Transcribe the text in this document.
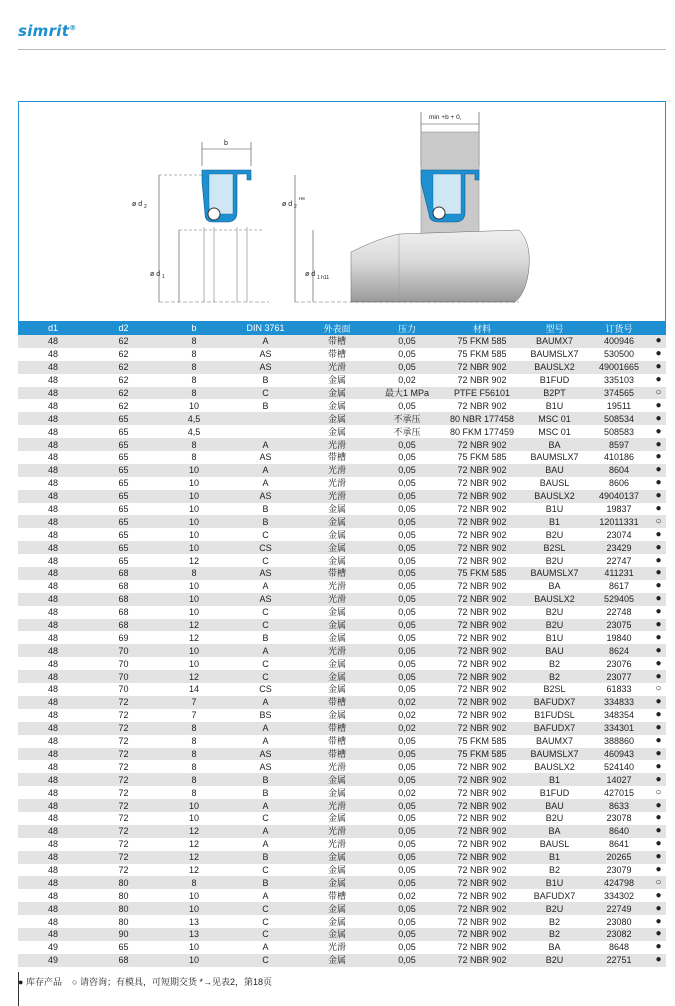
simrit®
b
ø d 2
ø d 1
min +b + 0,
ø d 2
H8
ø d 1 h11
d1	d2	b	DIN 3761	外表面	压力	材料	型号	订货号	
48	62	8	A	带槽	0,05	75 FKM 585	BAUMX7	400946	●
48	62	8	AS	带槽	0,05	75 FKM 585	BAUMSLX7	530500	●
48	62	8	AS	光滑	0,05	72 NBR 902	BAUSLX2	49001665	●
48	62	8	B	金属	0,02	72 NBR 902	B1FUD	335103	●
48	62	8	C	金属	最大1 MPa	PTFE F56101	B2PT	374565	○
48	62	10	B	金属	0,05	72 NBR 902	B1U	19511	●
48	65	4,5		金属	不承压	80 NBR 177458	MSC 01	508534	●
48	65	4,5		金属	不承压	80 FKM 177459	MSC 01	508583	●
48	65	8	A	光滑	0,05	72 NBR 902	BA	8597	●
48	65	8	AS	带槽	0,05	75 FKM 585	BAUMSLX7	410186	●
48	65	10	A	光滑	0,05	72 NBR 902	BAU	8604	●
48	65	10	A	光滑	0,05	72 NBR 902	BAUSL	8606	●
48	65	10	AS	光滑	0,05	72 NBR 902	BAUSLX2	49040137	●
48	65	10	B	金属	0,05	72 NBR 902	B1U	19837	●
48	65	10	B	金属	0,05	72 NBR 902	B1	12011331	○
48	65	10	C	金属	0,05	72 NBR 902	B2U	23074	●
48	65	10	CS	金属	0,05	72 NBR 902	B2SL	23429	●
48	65	12	C	金属	0,05	72 NBR 902	B2U	22747	●
48	68	8	AS	带槽	0,05	75 FKM 585	BAUMSLX7	411231	●
48	68	10	A	光滑	0,05	72 NBR 902	BA	8617	●
48	68	10	AS	光滑	0,05	72 NBR 902	BAUSLX2	529405	●
48	68	10	C	金属	0,05	72 NBR 902	B2U	22748	●
48	68	12	C	金属	0,05	72 NBR 902	B2U	23075	●
48	69	12	B	金属	0,05	72 NBR 902	B1U	19840	●
48	70	10	A	光滑	0,05	72 NBR 902	BAU	8624	●
48	70	10	C	金属	0,05	72 NBR 902	B2	23076	●
48	70	12	C	金属	0,05	72 NBR 902	B2	23077	●
48	70	14	CS	金属	0,05	72 NBR 902	B2SL	61833	○
48	72	7	A	带槽	0,02	72 NBR 902	BAFUDX7	334833	●
48	72	7	BS	金属	0,02	72 NBR 902	B1FUDSL	348354	●
48	72	8	A	带槽	0,02	72 NBR 902	BAFUDX7	334301	●
48	72	8	A	带槽	0,05	75 FKM 585	BAUMX7	388860	●
48	72	8	AS	带槽	0,05	75 FKM 585	BAUMSLX7	460943	●
48	72	8	AS	光滑	0,05	72 NBR 902	BAUSLX2	524140	●
48	72	8	B	金属	0,05	72 NBR 902	B1	14027	●
48	72	8	B	金属	0,02	72 NBR 902	B1FUD	427015	○
48	72	10	A	光滑	0,05	72 NBR 902	BAU	8633	●
48	72	10	C	金属	0,05	72 NBR 902	B2U	23078	●
48	72	12	A	光滑	0,05	72 NBR 902	BA	8640	●
48	72	12	A	光滑	0,05	72 NBR 902	BAUSL	8641	●
48	72	12	B	金属	0,05	72 NBR 902	B1	20265	●
48	72	12	C	金属	0,05	72 NBR 902	B2	23079	●
48	80	8	B	金属	0,05	72 NBR 902	B1U	424798	○
48	80	10	A	带槽	0,02	72 NBR 902	BAFUDX7	334302	●
48	80	10	C	金属	0,05	72 NBR 902	B2U	22749	●
48	80	13	C	金属	0,05	72 NBR 902	B2	23080	●
48	90	13	C	金属	0,05	72 NBR 902	B2	23082	●
49	65	10	A	光滑	0,05	72 NBR 902	BA	8648	●
49	68	10	C	金属	0,05	72 NBR 902	B2U	22751	●
● 库存产品 ○ 请咨询；有模具，可短期交货 *→见表2，第18页
